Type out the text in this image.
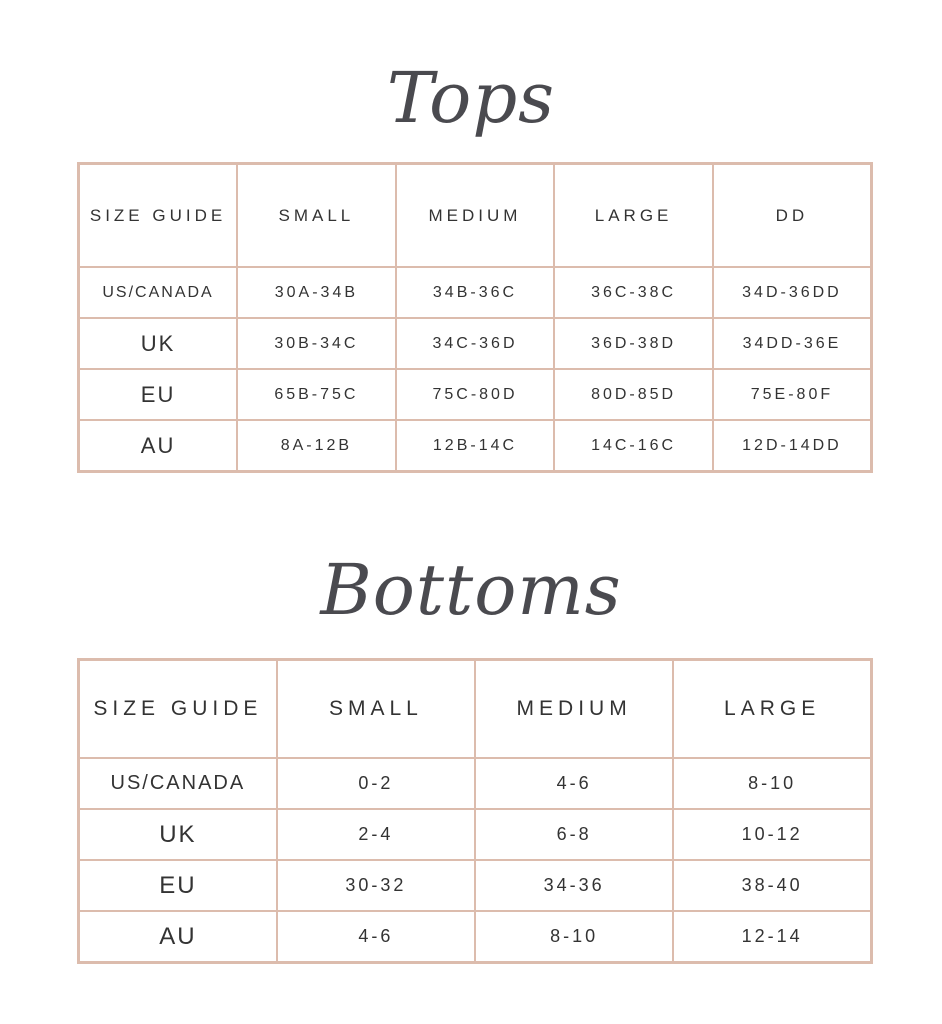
Tops
SIZE GUIDE	SMALL	MEDIUM	LARGE	DD
US/CANADA	30A-34B	34B-36C	36C-38C	34D-36DD
UK	30B-34C	34C-36D	36D-38D	34DD-36E
EU	65B-75C	75C-80D	80D-85D	75E-80F
AU	8A-12B	12B-14C	14C-16C	12D-14DD
Bottoms
SIZE GUIDE	SMALL	MEDIUM	LARGE
US/CANADA	0-2	4-6	8-10
UK	2-4	6-8	10-12
EU	30-32	34-36	38-40
AU	4-6	8-10	12-14
